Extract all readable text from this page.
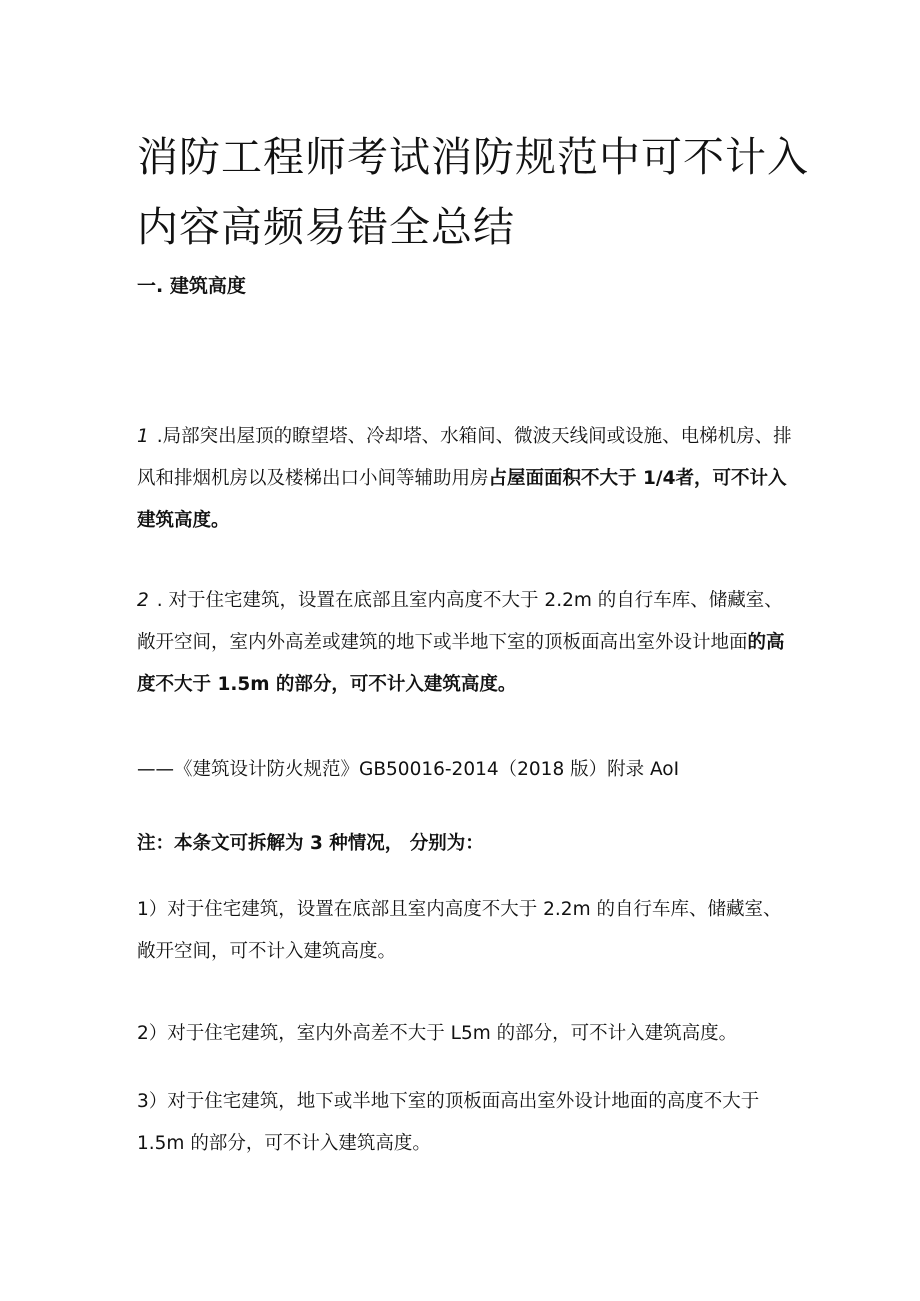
消防工程师考试消防规范中可不计入内容高频易错全总结
一. 建筑高度

1 .局部突出屋顶的瞭望塔、冷却塔、水箱间、微波天线间或设施、电梯机房、排风和排烟机房以及楼梯出口小间等辅助用房占屋面面积不大于 1/4者，可不计入建筑高度。

2 . 对于住宅建筑，设置在底部且室内高度不大于 2.2m 的自行车库、储藏室、敞开空间，室内外高差或建筑的地下或半地下室的顶板面高出室外设计地面的高度不大于 1.5m 的部分，可不计入建筑高度。

——《建筑设计防火规范》GB50016-2014（2018 版）附录 AoI

注：本条文可拆解为 3 种情况， 分别为：

1）对于住宅建筑，设置在底部且室内高度不大于 2.2m 的自行车库、储藏室、敞开空间，可不计入建筑高度。

2）对于住宅建筑，室内外高差不大于 L5m 的部分，可不计入建筑高度。

3）对于住宅建筑，地下或半地下室的顶板面高出室外设计地面的高度不大于 1.5m 的部分，可不计入建筑高度。
